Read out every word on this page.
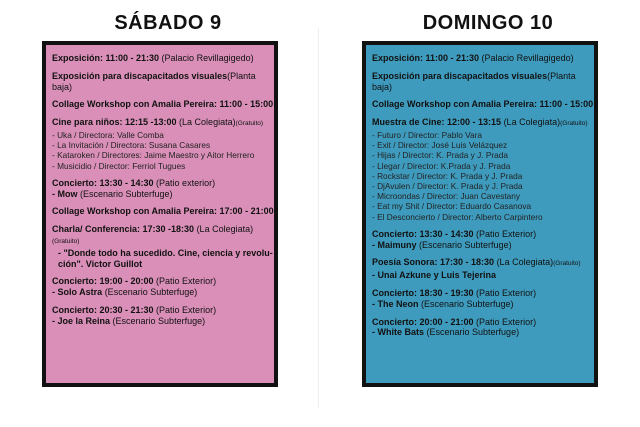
SÁBADO 9	DOMINGO 10
Exposición: 11:00 - 21:30 (Palacio Revillagigedo)
Exposición para discapacitados visuales(Planta baja)
Collage Workshop con Amalia Pereira: 11:00 - 15:00
Cine para niños: 12:15 -13:00 (La Colegiata)(Gratuito)
- Uka / Directora: Valle Comba
- La Invitación / Directora: Susana Casares
- Kataroken / Directores: Jaime Maestro y Aitor Herrero
- Musicidio / Director: Ferriol Tugues
Concierto: 13:30 - 14:30 (Patio exterior)
- Mow (Escenario Subterfuge)
Collage Workshop con Amalia Pereira: 17:00 - 21:00
Charla/ Conferencia: 17:30 -18:30 (La Colegiata)(Gratuito)
- "Donde todo ha sucedido. Cine, ciencia y revolu-
ción". Victor Guillot
Concierto: 19:00 - 20:00 (Patio Exterior)
- Solo Astra (Escenario Subterfuge)
Concierto: 20:30 - 21:30 (Patio Exterior)
- Joe la Reina (Escenario Subterfuge)
Exposición: 11:00 - 21:30 (Palacio Revillagigedo)
Exposición para discapacitados visuales(Planta baja)
Collage Workshop con Amalia Pereira: 11:00 - 15:00
Muestra de Cine: 12:00 - 13:15 (La Colegiata)(Gratuito)
- Futuro / Director: Pablo Vara
- Exit / Director: José Luis Velázquez
- Hijas / Director: K. Prada y J. Prada
- Llegar / Director: K.Prada y J. Prada
- Rockstar / Director: K. Prada y J. Prada
- DjAvulen / Director: K. Prada y J. Prada
- Microondas / Director: Juan Cavestany
- Eat my Shit / Director: Eduardo Casanova
- El Desconcierto / Director: Alberto Carpintero
Concierto: 13:30 - 14:30 (Patio Exterior)
- Maimuny (Escenario Subterfuge)
Poesía Sonora: 17:30 - 18:30 (La Colegiata)(Gratuito)
- Unai Azkune y Luis Tejerina
Concierto: 18:30 - 19:30 (Patio Exterior)
- The Neon (Escenario Subterfuge)
Concierto: 20:00 - 21:00 (Patio Exterior)
- White Bats (Escenario Subterfuge)
